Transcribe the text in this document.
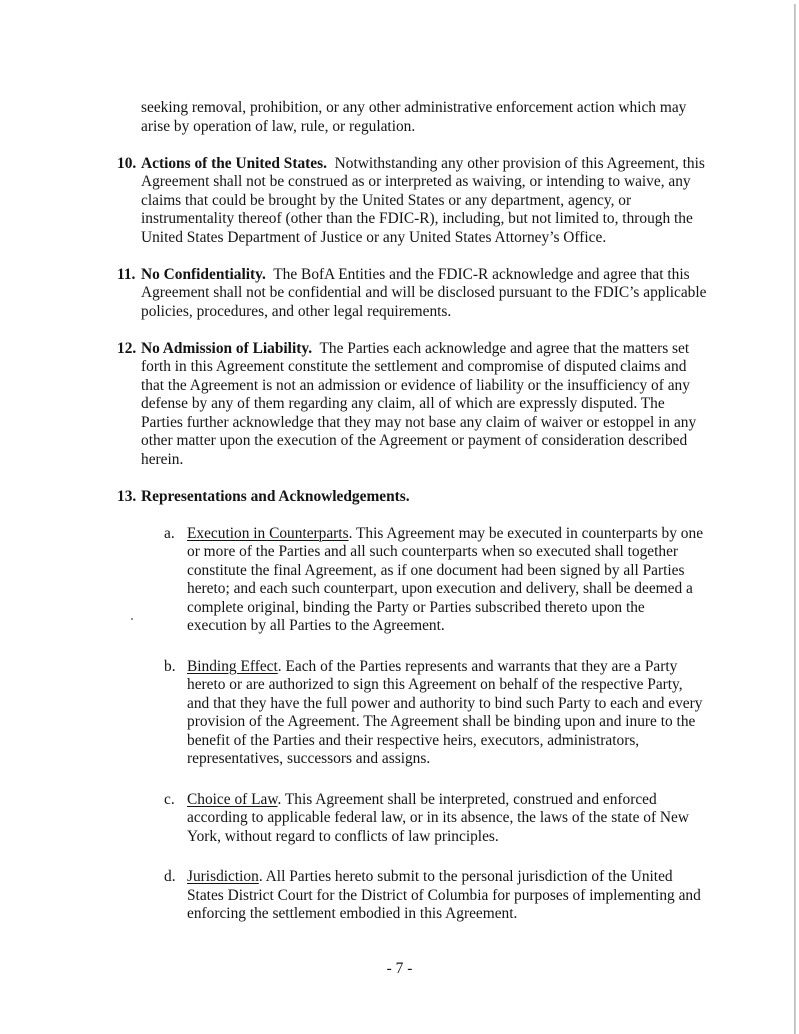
seeking removal, prohibition, or any other administrative enforcement action which may arise by operation of law, rule, or regulation.

10. Actions of the United States. Notwithstanding any other provision of this Agreement, this Agreement shall not be construed as or interpreted as waiving, or intending to waive, any claims that could be brought by the United States or any department, agency, or instrumentality thereof (other than the FDIC-R), including, but not limited to, through the United States Department of Justice or any United States Attorney’s Office.
11. No Confidentiality. The BofA Entities and the FDIC-R acknowledge and agree that this Agreement shall not be confidential and will be disclosed pursuant to the FDIC’s applicable policies, procedures, and other legal requirements.
12. No Admission of Liability. The Parties each acknowledge and agree that the matters set forth in this Agreement constitute the settlement and compromise of disputed claims and that the Agreement is not an admission or evidence of liability or the insufficiency of any defense by any of them regarding any claim, all of which are expressly disputed. The Parties further acknowledge that they may not base any claim of waiver or estoppel in any other matter upon the execution of the Agreement or payment of consideration described herein.
13. Representations and Acknowledgements.
a. Execution in Counterparts. This Agreement may be executed in counterparts by one or more of the Parties and all such counterparts when so executed shall together constitute the final Agreement, as if one document had been signed by all Parties hereto; and each such counterpart, upon execution and delivery, shall be deemed a complete original, binding the Party or Parties subscribed thereto upon the execution by all Parties to the Agreement.
b. Binding Effect. Each of the Parties represents and warrants that they are a Party hereto or are authorized to sign this Agreement on behalf of the respective Party, and that they have the full power and authority to bind such Party to each and every provision of the Agreement. The Agreement shall be binding upon and inure to the benefit of the Parties and their respective heirs, executors, administrators, representatives, successors and assigns.
c. Choice of Law. This Agreement shall be interpreted, construed and enforced according to applicable federal law, or in its absence, the laws of the state of New York, without regard to conflicts of law principles.
d. Jurisdiction. All Parties hereto submit to the personal jurisdiction of the United States District Court for the District of Columbia for purposes of implementing and enforcing the settlement embodied in this Agreement.
- 7 -
